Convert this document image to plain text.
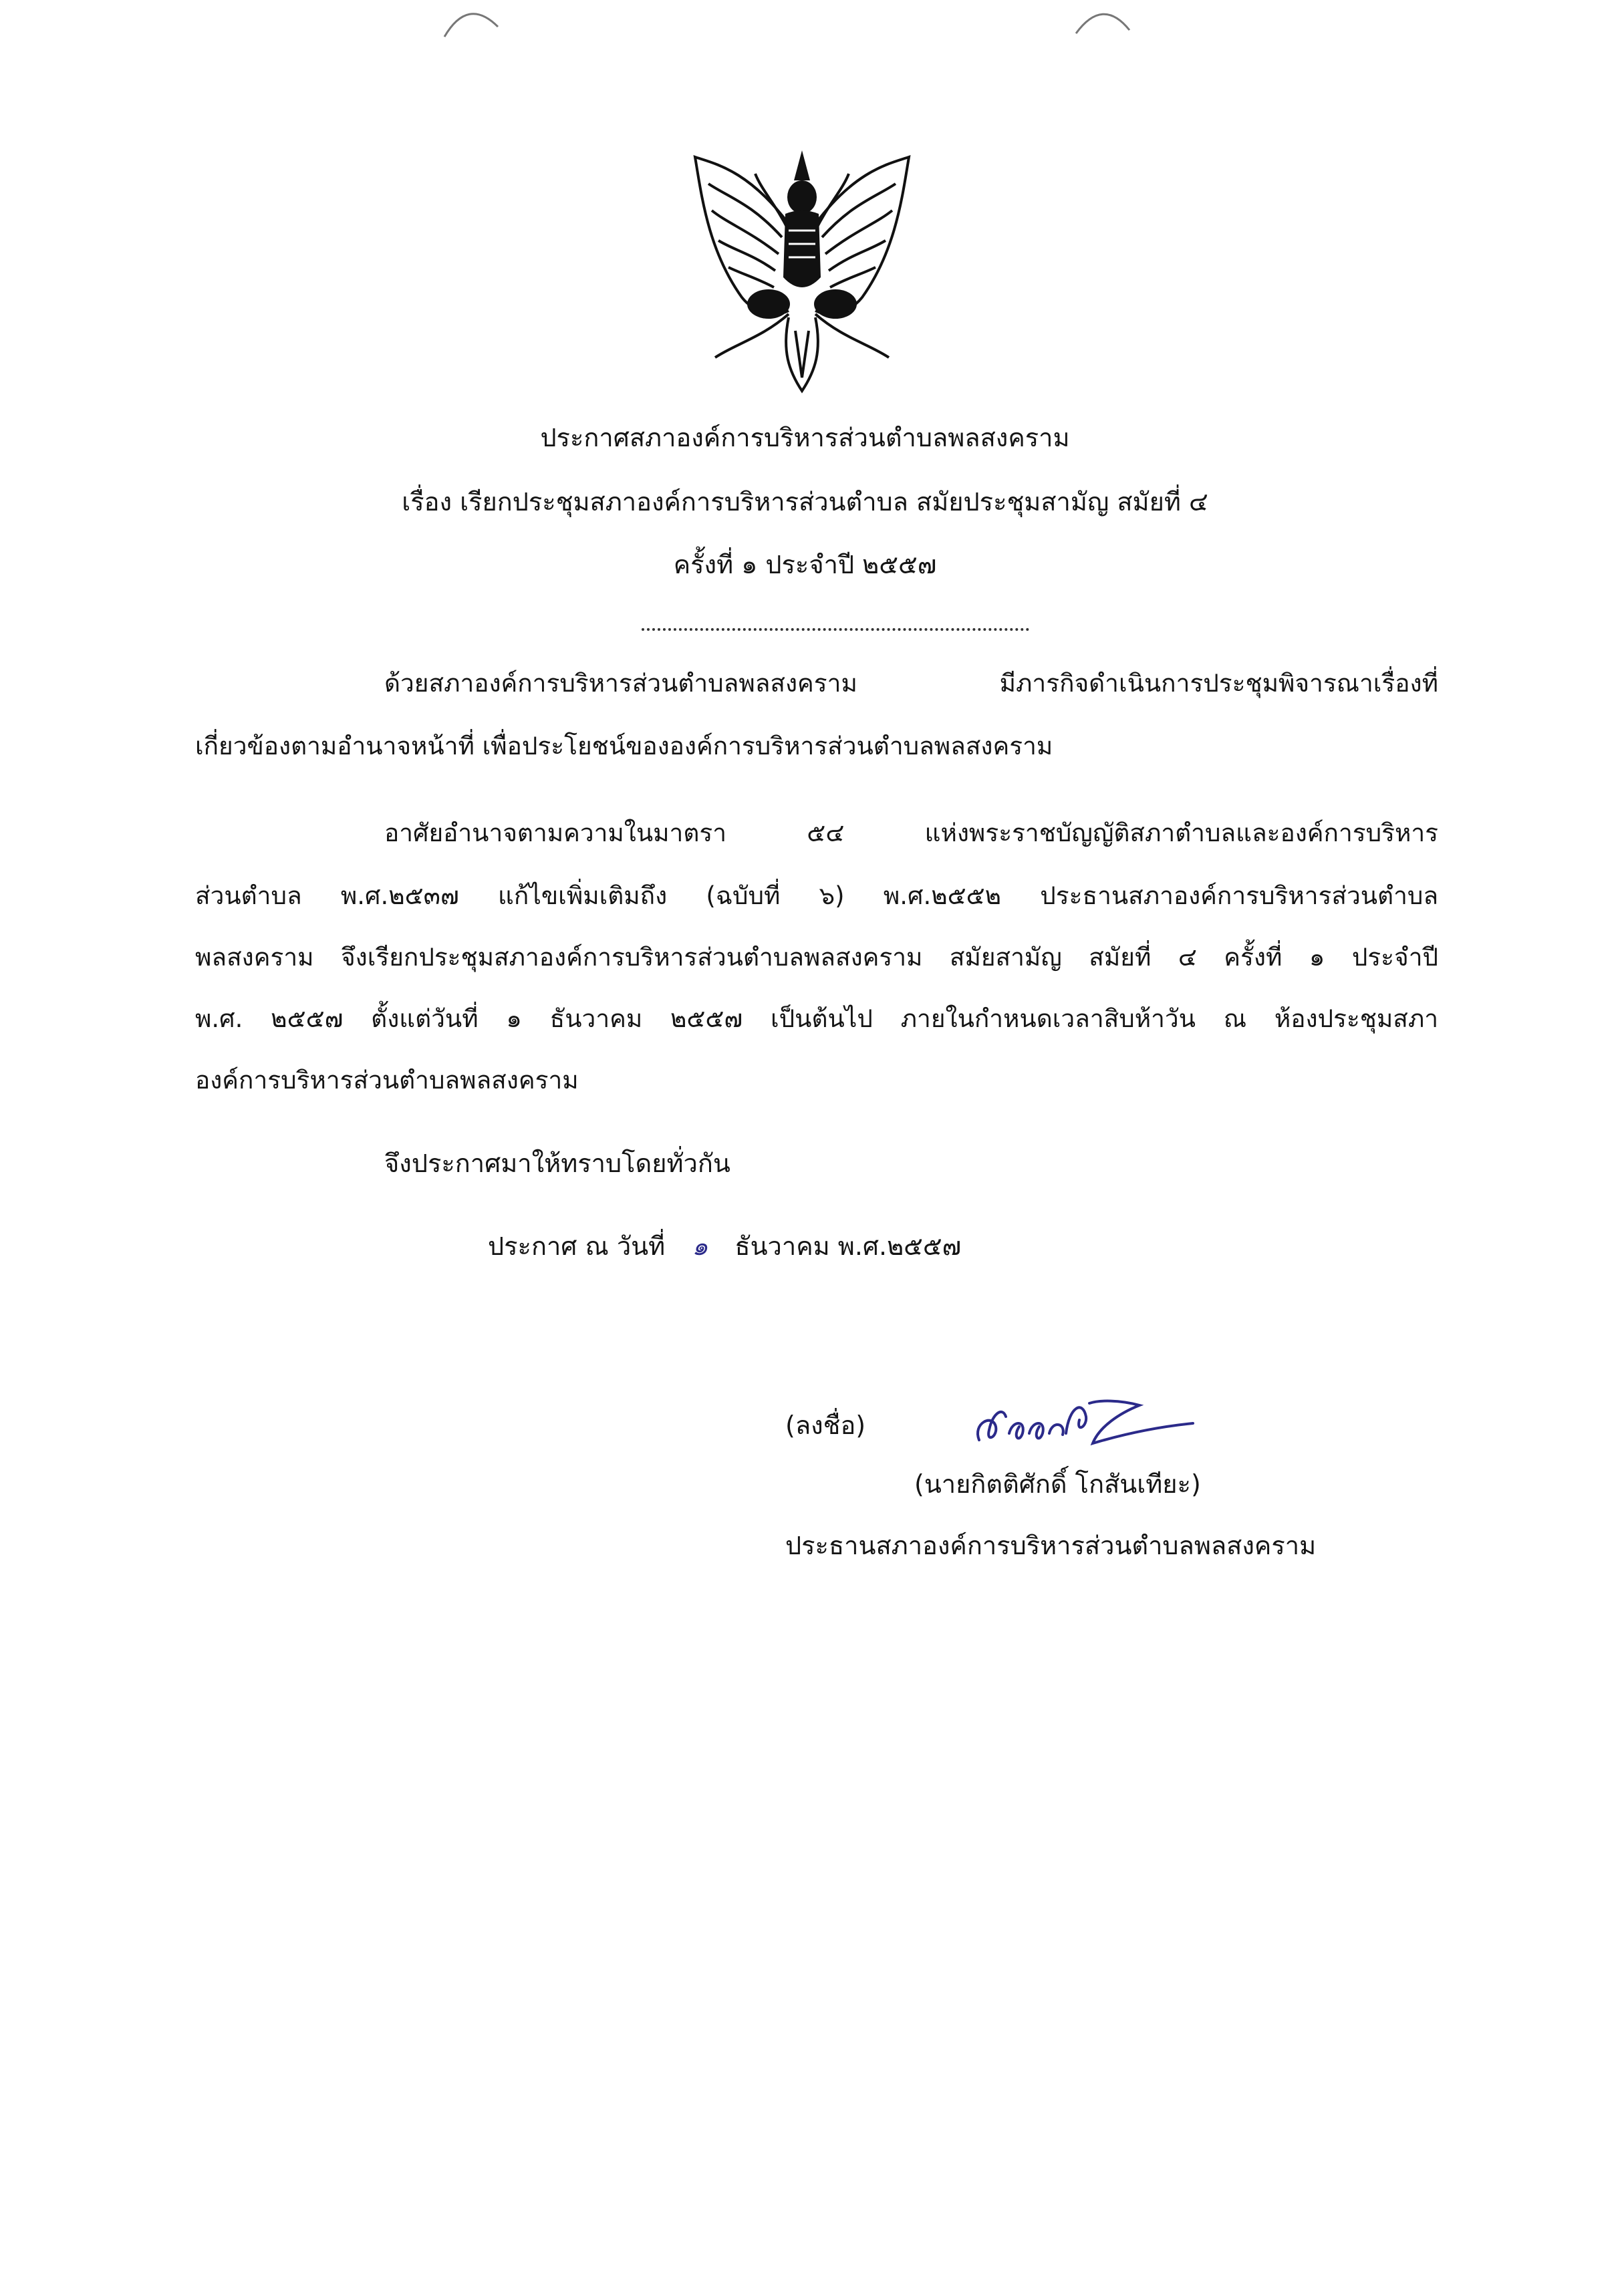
ประกาศสภาองค์การบริหารส่วนตำบลพลสงคราม
เรื่อง เรียกประชุมสภาองค์การบริหารส่วนตำบล สมัยประชุมสามัญ สมัยที่ ๔
ครั้งที่ ๑ ประจำปี ๒๕๕๗
ด้วยสภาองค์การบริหารส่วนตำบลพลสงคราม มีภารกิจดำเนินการประชุมพิจารณาเรื่องที่
เกี่ยวข้องตามอำนาจหน้าที่ เพื่อประโยชน์ขององค์การบริหารส่วนตำบลพลสงคราม
อาศัยอำนาจตามความในมาตรา ๕๔ แห่งพระราชบัญญัติสภาตำบลและองค์การบริหาร
ส่วนตำบล พ.ศ.๒๕๓๗ แก้ไขเพิ่มเติมถึง (ฉบับที่ ๖) พ.ศ.๒๕๕๒ ประธานสภาองค์การบริหารส่วนตำบล
พลสงคราม จึงเรียกประชุมสภาองค์การบริหารส่วนตำบลพลสงคราม สมัยสามัญ สมัยที่ ๔ ครั้งที่ ๑ ประจำปี
พ.ศ. ๒๕๕๗ ตั้งแต่วันที่ ๑ ธันวาคม ๒๕๕๗ เป็นต้นไป ภายในกำหนดเวลาสิบห้าวัน ณ ห้องประชุมสภา
องค์การบริหารส่วนตำบลพลสงคราม
จึงประกาศมาให้ทราบโดยทั่วกัน
ประกาศ ณ วันที่ ๑ ธันวาคม พ.ศ.๒๕๕๗
(ลงชื่อ)
(นายกิตติศักดิ์ โกสันเทียะ)
ประธานสภาองค์การบริหารส่วนตำบลพลสงคราม
